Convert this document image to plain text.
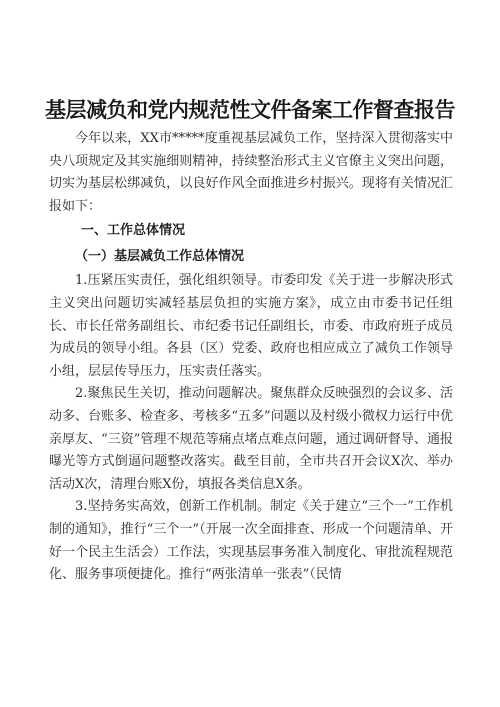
基层减负和党内规范性文件备案工作督查报告

今年以来，XX市*****度重视基层减负工作，坚持深入贯彻落实中央八项规定及其实施细则精神，持续整治形式主义官僚主义突出问题，切实为基层松绑减负，以良好作风全面推进乡村振兴。现将有关情况汇报如下：

一、工作总体情况

（一）基层减负工作总体情况

1.压紧压实责任，强化组织领导。市委印发《关于进一步解决形式主义突出问题切实减轻基层负担的实施方案》，成立由市委书记任组长、市长任常务副组长、市纪委书记任副组长，市委、市政府班子成员为成员的领导小组。各县（区）党委、政府也相应成立了减负工作领导小组，层层传导压力，压实责任落实。

2.聚焦民生关切，推动问题解决。聚焦群众反映强烈的会议多、活动多、台账多、检查多、考核多“五多”问题以及村级小微权力运行中优亲厚友、“三资”管理不规范等痛点堵点难点问题，通过调研督导、通报曝光等方式倒逼问题整改落实。截至目前，全市共召开会议X次、举办活动X次，清理台账X份，填报各类信息X条。

3.坚持务实高效，创新工作机制。制定《关于建立“三个一”工作机制的通知》，推行“三个一”（开展一次全面排查、形成一个问题清单、开好一个民主生活会）工作法，实现基层事务准入制度化、审批流程规范化、服务事项便捷化。推行“两张清单一张表”（民情
